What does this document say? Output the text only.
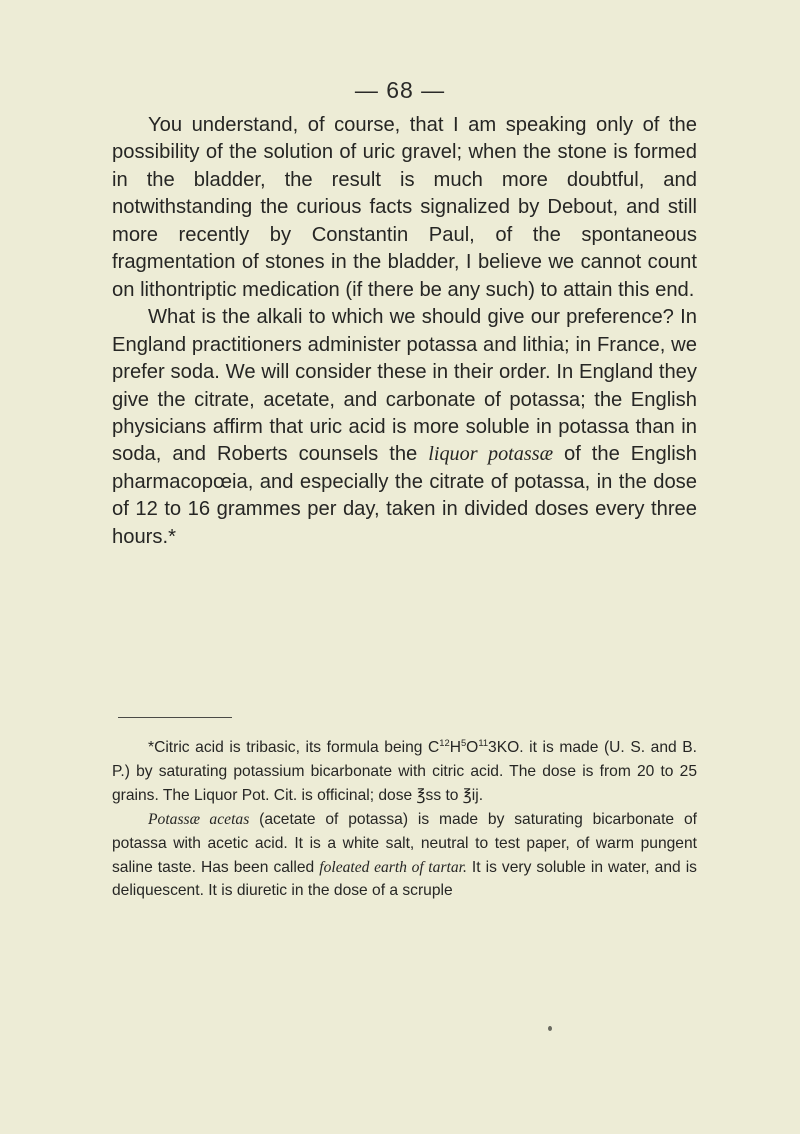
— 68 —

You understand, of course, that I am speaking only of the possibility of the solution of uric gravel; when the stone is formed in the bladder, the result is much more doubtful, and notwithstanding the curious facts signalized by Debout, and still more recently by Constantin Paul, of the spontaneous fragmentation of stones in the bladder, I believe we cannot count on lithontriptic medication (if there be any such) to attain this end.

What is the alkali to which we should give our preference? In England practitioners administer potassa and lithia; in France, we prefer soda. We will consider these in their order. In England they give the citrate, acetate, and carbonate of potassa; the English physicians affirm that uric acid is more soluble in potassa than in soda, and Roberts counsels the liquor potassæ of the English pharmacopœia, and especially the citrate of potassa, in the dose of 12 to 16 grammes per day, taken in divided doses every three hours.*

*Citric acid is tribasic, its formula being $C^{12}H^5O^{11}3KO$. it is made (U. S. and B. P.) by saturating potassium bicarbonate with citric acid. The dose is from 20 to 25 grains. The Liquor Pot. Cit. is officinal; dose ℥ss to ℥ij.

Potassæ acetas (acetate of potassa) is made by saturating bicarbonate of potassa with acetic acid. It is a white salt, neutral to test paper, of warm pungent saline taste. Has been called foleated earth of tartar. It is very soluble in water, and is deliquescent. It is diuretic in the dose of a scruple
